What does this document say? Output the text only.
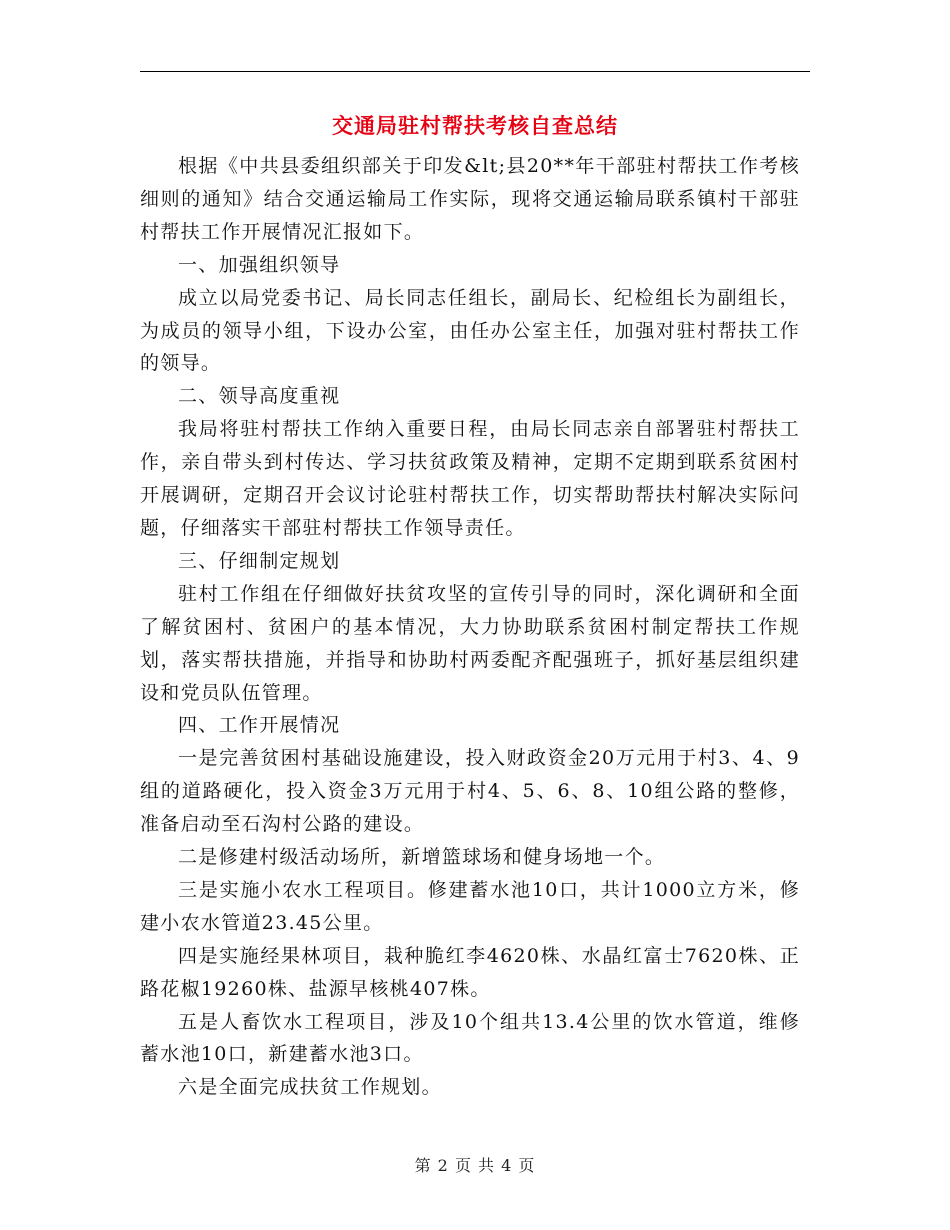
交通局驻村帮扶考核自查总结

根据《中共县委组织部关于印发&lt;县20**年干部驻村帮扶工作考核细则的通知》结合交通运输局工作实际，现将交通运输局联系镇村干部驻村帮扶工作开展情况汇报如下。

一、加强组织领导

成立以局党委书记、局长同志任组长，副局长、纪检组长为副组长，为成员的领导小组，下设办公室，由任办公室主任，加强对驻村帮扶工作的领导。

二、领导高度重视

我局将驻村帮扶工作纳入重要日程，由局长同志亲自部署驻村帮扶工作，亲自带头到村传达、学习扶贫政策及精神，定期不定期到联系贫困村开展调研，定期召开会议讨论驻村帮扶工作，切实帮助帮扶村解决实际问题，仔细落实干部驻村帮扶工作领导责任。

三、仔细制定规划

驻村工作组在仔细做好扶贫攻坚的宣传引导的同时，深化调研和全面了解贫困村、贫困户的基本情况，大力协助联系贫困村制定帮扶工作规划，落实帮扶措施，并指导和协助村两委配齐配强班子，抓好基层组织建设和党员队伍管理。

四、工作开展情况

一是完善贫困村基础设施建设，投入财政资金20万元用于村3、4、9组的道路硬化，投入资金3万元用于村4、5、6、8、10组公路的整修，准备启动至石沟村公路的建设。

二是修建村级活动场所，新增篮球场和健身场地一个。

三是实施小农水工程项目。修建蓄水池10口，共计1000立方米，修建小农水管道23.45公里。

四是实施经果林项目，栽种脆红李4620株、水晶红富士7620株、正路花椒19260株、盐源早核桃407株。

五是人畜饮水工程项目，涉及10个组共13.4公里的饮水管道，维修蓄水池10口，新建蓄水池3口。

六是全面完成扶贫工作规划。

第 2 页 共 4 页
